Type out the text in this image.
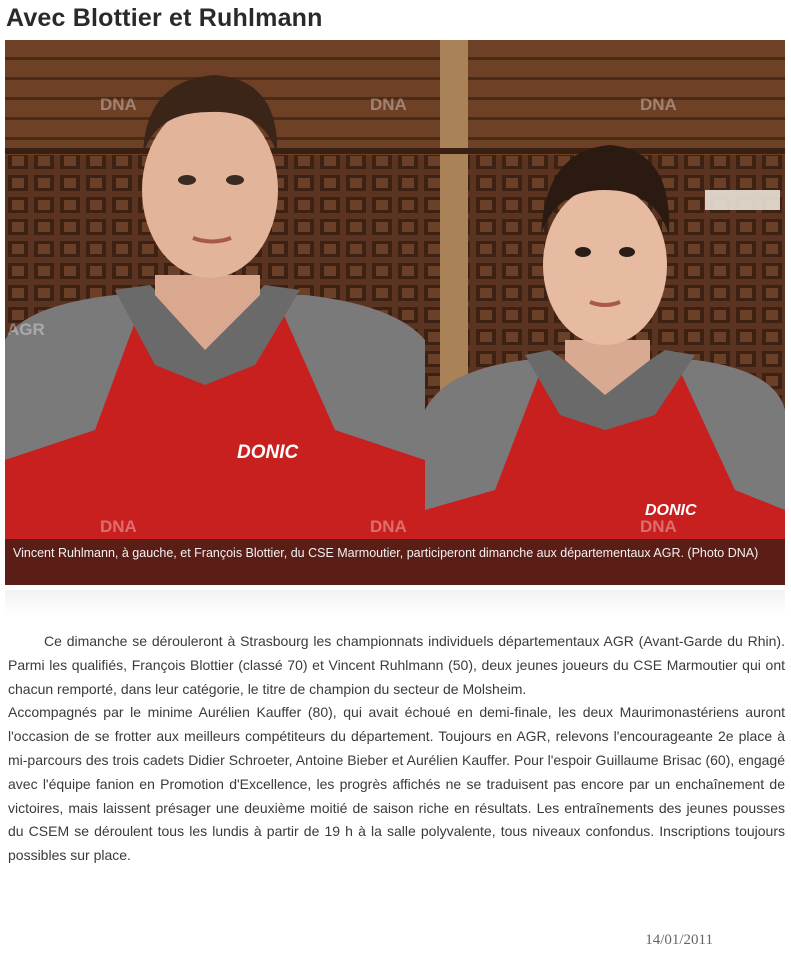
Avec Blottier et Ruhlmann
DONIC
DONIC
DNA	DNA	DNA
DNA	DNA	DNA
AGR
Vincent Ruhlmann, à gauche, et François Blottier, du CSE Marmoutier, participeront dimanche aux départementaux AGR. (Photo DNA)

Ce dimanche se dérouleront à Strasbourg les championnats individuels départementaux AGR (Avant-Garde du Rhin). Parmi les qualifiés, François Blottier (classé 70) et Vincent Ruhlmann (50), deux jeunes joueurs du CSE Marmoutier qui ont chacun remporté, dans leur catégorie, le titre de champion du secteur de Molsheim.

Accompagnés par le minime Aurélien Kauffer (80), qui avait échoué en demi-finale, les deux Maurimonastériens auront l'occasion de se frotter aux meilleurs compétiteurs du département. Toujours en AGR, relevons l'encourageante 2e place à mi-parcours des trois cadets Didier Schroeter, Antoine Bieber et Aurélien Kauffer. Pour l'espoir Guillaume Brisac (60), engagé avec l'équipe fanion en Promotion d'Excellence, les progrès affichés ne se traduisent pas encore par un enchaînement de victoires, mais laissent présager une deuxième moitié de saison riche en résultats. Les entraînements des jeunes pousses du CSEM se déroulent tous les lundis à partir de 19 h à la salle polyvalente, tous niveaux confondus. Inscriptions toujours possibles sur place.

14/01/2011
